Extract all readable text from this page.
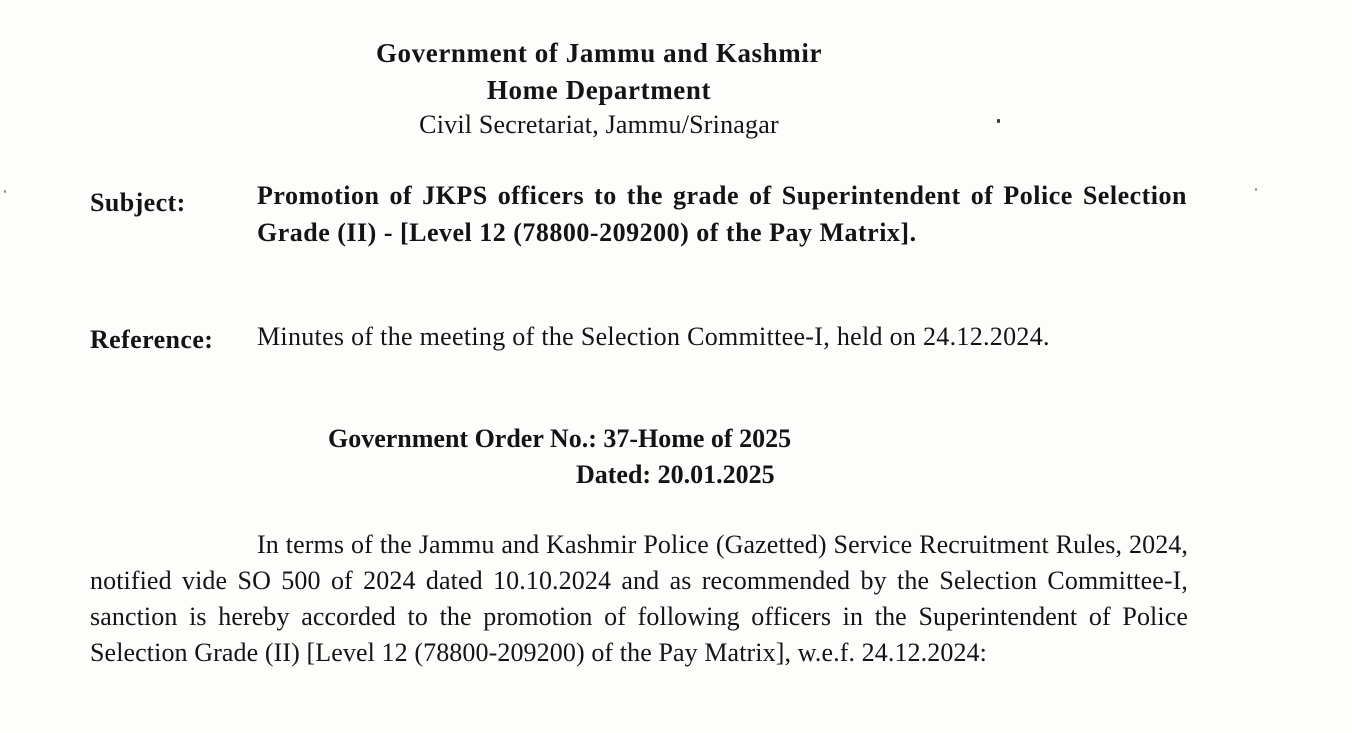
Government of Jammu and Kashmir
Home Department
Civil Secretariat, Jammu/Srinagar
Subject:	Promotion of JKPS officers to the grade of Superintendent of Police Selection Grade (II) - [Level 12 (78800-209200) of the Pay Matrix].
Reference: Minutes of the meeting of the Selection Committee-I, held on 24.12.2024.
Government Order No.: 37-Home of 2025
Dated: 20.01.2025
In terms of the Jammu and Kashmir Police (Gazetted) Service Recruitment Rules, 2024, notified vide SO 500 of 2024 dated 10.10.2024 and as recommended by the Selection Committee-I, sanction is hereby accorded to the promotion of following officers in the Superintendent of Police Selection Grade (II) [Level 12 (78800-209200) of the Pay Matrix], w.e.f. 24.12.2024:
